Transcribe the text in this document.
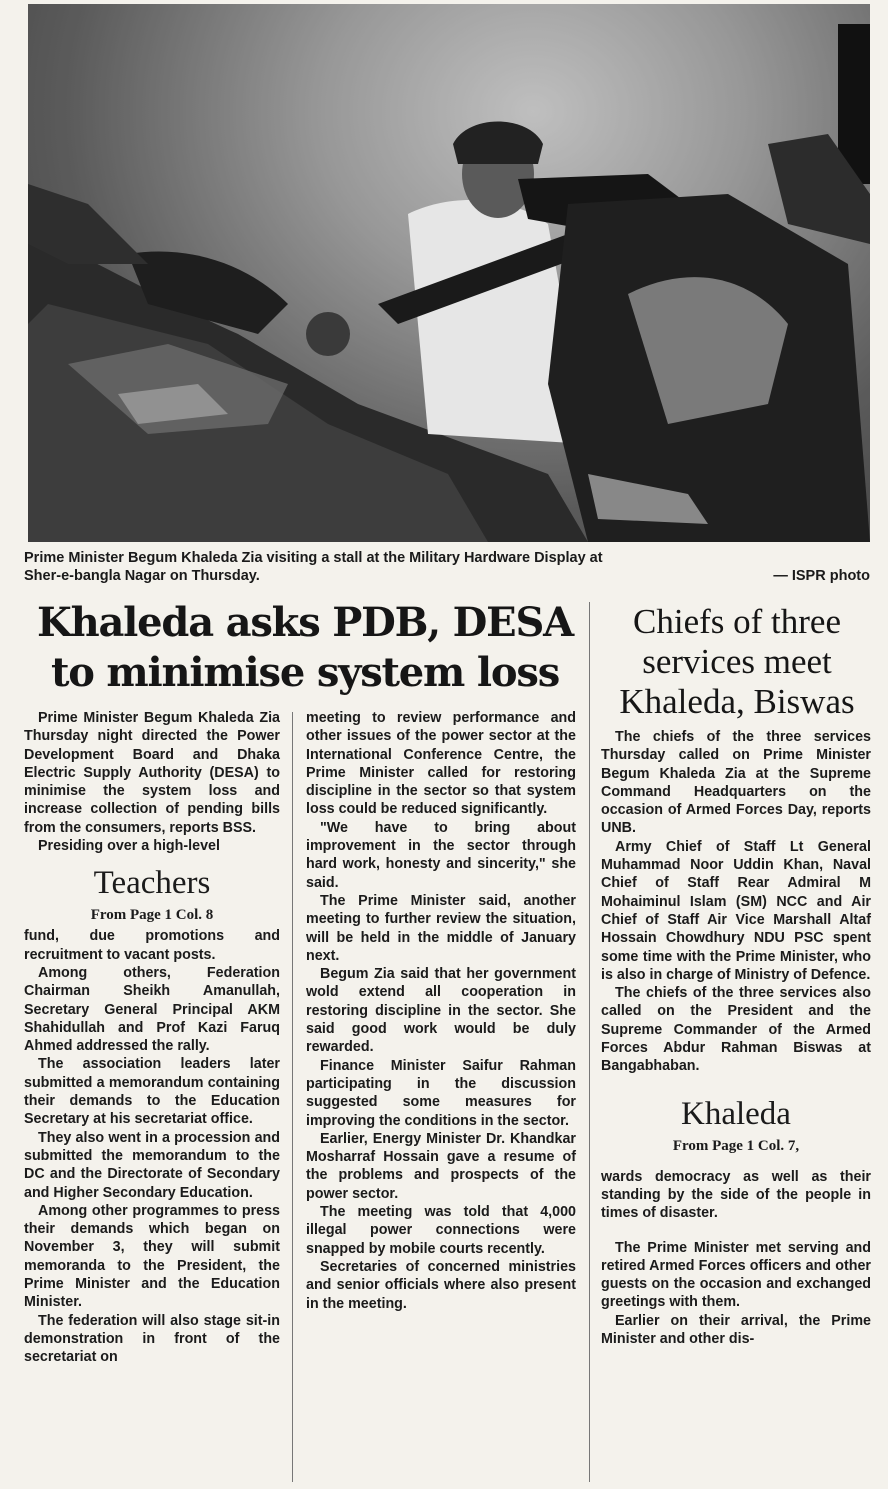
Prime Minister Begum Khaleda Zia visiting a stall at the Military Hardware Display at
Sher-e-bangla Nagar on Thursday.	— ISPR photo
Khaleda asks PDB, DESA
to minimise system loss

Prime Minister Begum Khaleda Zia Thursday night directed the Power Development Board and Dhaka Electric Supply Authority (DESA) to minimise the system loss and increase collection of pending bills from the consumers, reports BSS.

Presiding over a high-level

Teachers
From Page 1 Col. 8

fund, due promotions and recruitment to vacant posts.

Among others, Federation Chairman Sheikh Amanullah, Secretary General Principal AKM Shahidullah and Prof Kazi Faruq Ahmed addressed the rally.

The association leaders later submitted a memorandum containing their demands to the Education Secretary at his secretariat office.

They also went in a procession and submitted the memorandum to the DC and the Directorate of Secondary and Higher Secondary Education.

Among other programmes to press their demands which began on November 3, they will submit memoranda to the President, the Prime Minister and the Education Minister.

The federation will also stage sit-in demonstration in front of the secretariat on

meeting to review performance and other issues of the power sector at the International Conference Centre, the Prime Minister called for restoring discipline in the sector so that system loss could be reduced significantly.

"We have to bring about improvement in the sector through hard work, honesty and sincerity," she said.

The Prime Minister said, another meeting to further review the situation, will be held in the middle of January next.

Begum Zia said that her government wold extend all cooperation in restoring discipline in the sector. She said good work would be duly rewarded.

Finance Minister Saifur Rahman participating in the discussion suggested some measures for improving the conditions in the sector.

Earlier, Energy Minister Dr. Khandkar Mosharraf Hossain gave a resume of the problems and prospects of the power sector.

The meeting was told that 4,000 illegal power connections were snapped by mobile courts recently.

Secretaries of concerned ministries and senior officials where also present in the meeting.

Chiefs of three
services meet
Khaleda, Biswas

The chiefs of the three services Thursday called on Prime Minister Begum Khaleda Zia at the Supreme Command Headquarters on the occasion of Armed Forces Day, reports UNB.

Army Chief of Staff Lt General Muhammad Noor Uddin Khan, Naval Chief of Staff Rear Admiral M Mohaiminul Islam (SM) NCC and Air Chief of Staff Air Vice Marshall Altaf Hossain Chowdhury NDU PSC spent some time with the Prime Minister, who is also in charge of Ministry of Defence.

The chiefs of the three services also called on the President and the Supreme Commander of the Armed Forces Abdur Rahman Biswas at Bangabhaban.

Khaleda
From Page 1 Col. 7,

wards democracy as well as their standing by the side of the people in times of disaster.

The Prime Minister met serving and retired Armed Forces officers and other guests on the occasion and exchanged greetings with them.

Earlier on their arrival, the Prime Minister and other dis-
